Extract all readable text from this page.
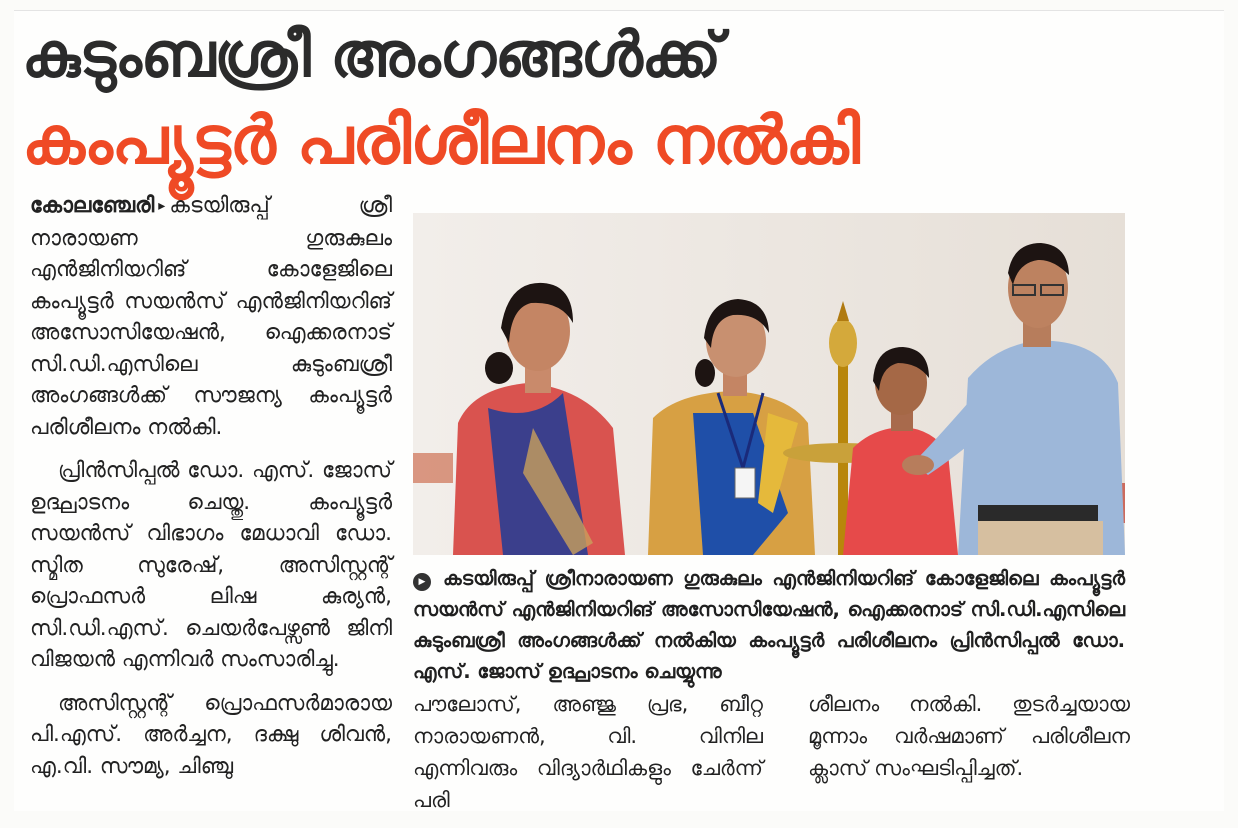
കുടുംബശ്രീ അംഗങ്ങൾക്ക്
കംപ്യൂട്ടർ പരിശീലനം നൽകി

കോലഞ്ചേരി ▸ കടയിരുപ്പ് ശ്രീ നാരായണ ഗുരുകുലം എൻജിനിയറിങ് കോളേജിലെ കംപ്യൂട്ടർ സയൻസ് എൻജിനിയറിങ് അസോസിയേഷൻ, ഐക്കരനാട് സി.ഡി.എസിലെ കുടുംബശ്രീ അംഗങ്ങൾക്ക് സൗജന്യ കംപ്യൂട്ടർ പരിശീലനം നൽകി.

പ്രിൻസിപ്പൽ ഡോ. എസ്. ജോസ് ഉദ്ഘാടനം ചെയ്തു. കംപ്യൂട്ടർ സയൻസ് വിഭാഗം മേധാവി ഡോ. സ്മിത സുരേഷ്, അസിസ്റ്റന്റ് പ്രൊഫസർ ലിഷ കുര്യൻ, സി.ഡി.എസ്. ചെയർപേഴ്സൺ ജിനി വിജയൻ എന്നിവർ സംസാരിച്ചു.

അസിസ്റ്റന്റ് പ്രൊഫസർമാരായ പി.എസ്. അർച്ചന, ദക്ഷു ശിവൻ, എ.വി. സൗമ്യ, ചിഞ്ചു

▶ കടയിരുപ്പ് ശ്രീനാരായണ ഗുരുകുലം എൻജിനിയറിങ് കോളേജിലെ കംപ്യൂട്ടർ സയൻസ് എൻജിനിയറിങ് അസോസിയേഷൻ, ഐക്കരനാട് സി.ഡി.എസിലെ കുടുംബശ്രീ അംഗങ്ങൾക്ക് നൽകിയ കംപ്യൂട്ടർ പരിശീലനം പ്രിൻസിപ്പൽ ഡോ. എസ്. ജോസ് ഉദ്ഘാടനം ചെയ്യുന്നു

പൗലോസ്, അഞ്ജു പ്രഭ, ബീറ്റ നാരായണൻ, വി. വിനില എന്നിവരും വിദ്യാർഥികളും ചേർന്ന് പരി

ശീലനം നൽകി. തുടർച്ചയായ മൂന്നാം വർഷമാണ് പരിശീലന ക്ലാസ് സംഘടിപ്പിച്ചത്.
